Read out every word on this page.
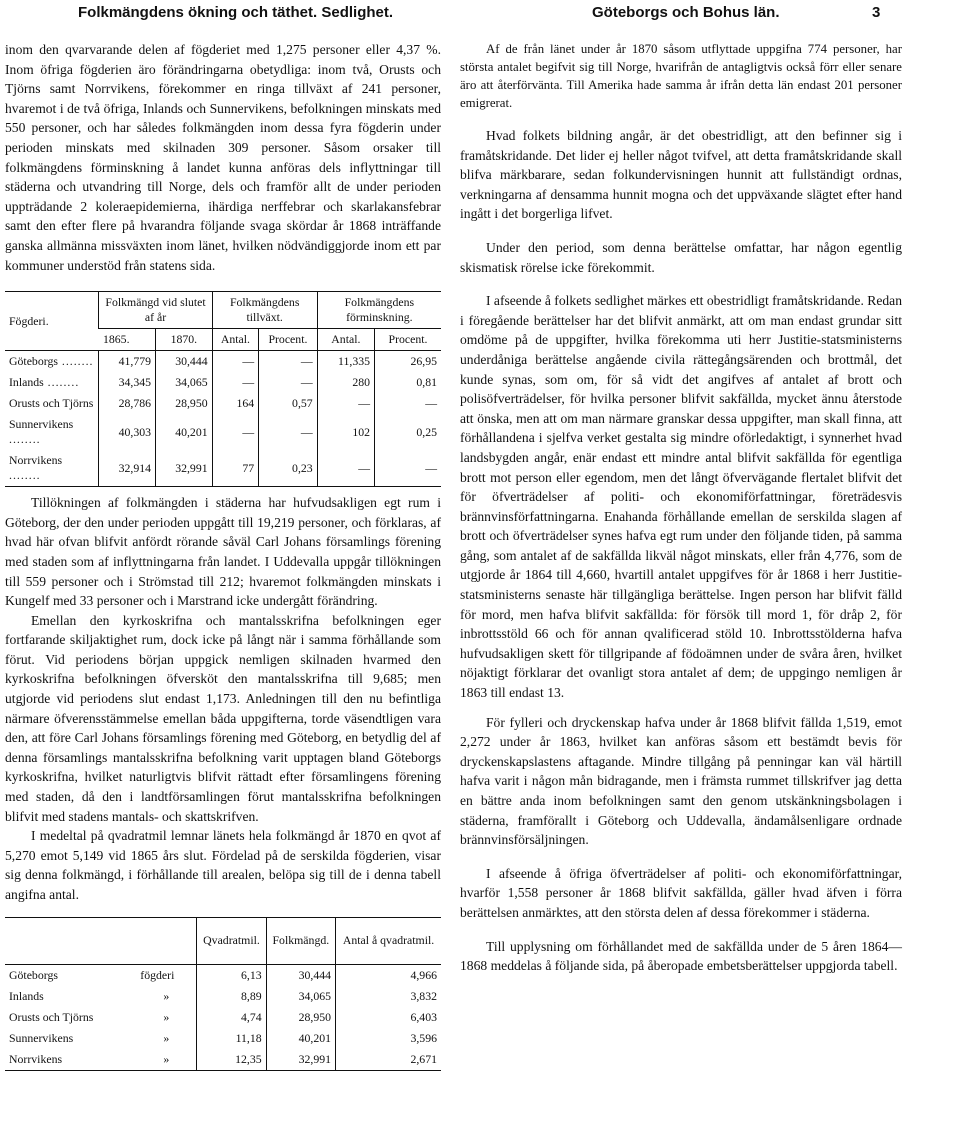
Folkmängdens ökning och täthet. Sedlighet.	Göteborgs och Bohus län.	3

inom den qvarvarande delen af fögderiet med 1,275 personer eller 4,37 %. Inom öfriga fögderien äro förändringarna obetydliga: inom två, Orusts och Tjörns samt Norrvikens, förekommer en ringa tillväxt af 241 personer, hvaremot i de två öfriga, Inlands och Sunnervikens, befolkningen minskats med 550 personer, och har således folkmängden inom dessa fyra fögderin under perioden minskats med skilnaden 309 personer. Såsom orsaker till folkmängdens förminskning å landet kunna anföras dels inflyttningar till städerna och utvandring till Norge, dels och framför allt de under perioden uppträdande 2 koleraepidemierna, ihärdiga nerffebrar och skarlakansfebrar samt den efter flere på hvarandra följande svaga skördar år 1868 inträffande ganska allmänna missväxten inom länet, hvilken nödvändiggjorde inom ett par kommuner understöd från statens sida.

Fögderi.	Folkmängd vid slutet af år		Folkmängdens tillväxt.		Folkmängdens förminskning.	
	1865.	1870.	Antal.	Procent.	Antal.	Procent.
Göteborgs .....	41,779	30,444	—	—	11,335	26,95
Inlands .....	34,345	34,065	—	—	280	0,81
Orusts och Tjörns	28,786	28,950	164	0,57	—	—
Sunnervikens .....	40,303	40,201	—	—	102	0,25
Norrvikens .....	32,914	32,991	77	0,23	—	—

Tillökningen af folkmängden i städerna har hufvudsakligen egt rum i Göteborg, der den under perioden uppgått till 19,219 personer, och förklaras, af hvad här ofvan blifvit anfördt rörande såväl Carl Johans församlings förening med staden som af inflyttningarna från landet. I Uddevalla uppgår tillökningen till 559 personer och i Strömstad till 212; hvaremot folkmängden minskats i Kungelf med 33 personer och i Marstrand icke undergått förändring.

Emellan den kyrkoskrifna och mantalsskrifna befolkningen eger fortfarande skiljaktighet rum, dock icke på långt när i samma förhållande som förut. Vid periodens början uppgick nemligen skilnaden hvarmed den kyrkoskrifna befolkningen öfversköt den mantalsskrifna till 9,685; men utgjorde vid periodens slut endast 1,173. Anledningen till den nu befintliga närmare öfverensstämmelse emellan båda uppgifterna, torde väsendtligen vara den, att före Carl Johans församlings förening med Göteborg, en betydlig del af denna församlings mantalsskrifna befolkning varit upptagen bland Göteborgs kyrkoskrifna, hvilket naturligtvis blifvit rättadt efter församlingens förening med staden, då den i landtförsamlingen förut mantalsskrifna befolkningen blifvit med stadens mantals- och skattskrifven.

I medeltal på qvadratmil lemnar länets hela folkmängd år 1870 en qvot af 5,270 emot 5,149 vid 1865 års slut. Fördelad på de serskilda fögderien, visar sig denna folkmängd, i förhållande till arealen, belöpa sig till de i denna tabell angifna antal.

		Qvadratmil.	Folkmängd.	Antal å qvadratmil.
Göteborgs	fögderi	6,13	30,444	4,966
Inlands	»	8,89	34,065	3,832
Orusts och Tjörns	»	4,74	28,950	6,403
Sunnervikens	»	11,18	40,201	3,596
Norrvikens	»	12,35	32,991	2,671

Af de från länet under år 1870 såsom utflyttade uppgifna 774 personer, har största antalet begifvit sig till Norge, hvarifrån de antagligtvis också förr eller senare äro att återförvänta. Till Amerika hade samma år ifrån detta län endast 201 personer emigrerat.

Hvad folkets bildning angår, är det obestridligt, att den befinner sig i framåtskridande. Det lider ej heller något tvifvel, att detta framåtskridande skall blifva märkbarare, sedan folkundervisningen hunnit att fullständigt ordnas, verkningarna af densamma hunnit mogna och det uppväxande slägtet efter hand ingått i det borgerliga lifvet.

Under den period, som denna berättelse omfattar, har någon egentlig skismatisk rörelse icke förekommit.

I afseende å folkets sedlighet märkes ett obestridligt framåtskridande. Redan i föregående berättelser har det blifvit anmärkt, att om man endast grundar sitt omdöme på de uppgifter, hvilka förekomma uti herr Justitie-statsministerns underdåniga berättelse angående civila rättegångsärenden och brottmål, det kunde synas, som om, för så vidt det angifves af antalet af brott och polisöfverträdelser, för hvilka personer blifvit sakfällda, mycket ännu återstode att önska, men att om man närmare granskar dessa uppgifter, man skall finna, att förhållandena i sjelfva verket gestalta sig mindre oförledaktigt, i synnerhet hvad landsbygden angår, enär endast ett mindre antal blifvit sakfällda för egentliga brott mot person eller egendom, men det långt öfvervägande flertalet blifvit det för öfverträdelser af politi- och ekonomiförfattningar, företrädesvis brännvinsförfattningarna. Enahanda förhållande emellan de serskilda slagen af brott och öfverträdelser synes hafva egt rum under den följande tiden, på samma gång, som antalet af de sakfällda likväl något minskats, eller från 4,776, som de utgjorde år 1864 till 4,660, hvartill antalet uppgifves för år 1868 i herr Justitie-statsministerns senaste här tillgängliga berättelse. Ingen person har blifvit fälld för mord, men hafva blifvit sakfällda: för försök till mord 1, för dråp 2, för inbrottsstöld 66 och för annan qvalificerad stöld 10. Inbrottsstölderna hafva hufvudsakligen skett för tillgripande af födoämnen under de svåra åren, hvilket nöjaktigt förklarar det ovanligt stora antalet af dem; de uppgingo nemligen år 1863 till endast 13.

För fylleri och dryckenskap hafva under år 1868 blifvit fällda 1,519, emot 2,272 under år 1863, hvilket kan anföras såsom ett bestämdt bevis för dryckenskapslastens aftagande. Mindre tillgång på penningar kan väl härtill hafva varit i någon mån bidragande, men i främsta rummet tillskrifver jag detta en bättre anda inom befolkningen samt den genom utskänkningsbolagen i städerna, framförallt i Göteborg och Uddevalla, ändamålsenligare ordnade brännvinsförsäljningen.

I afseende å öfriga öfverträdelser af politi- och ekonomiförfattningar, hvarför 1,558 personer år 1868 blifvit sakfällda, gäller hvad äfven i förra berättelsen anmärktes, att den största delen af dessa förekommer i städerna.

Till upplysning om förhållandet med de sakfällda under de 5 åren 1864—1868 meddelas å följande sida, på åberopade embetsberättelser uppgjorda tabell.
